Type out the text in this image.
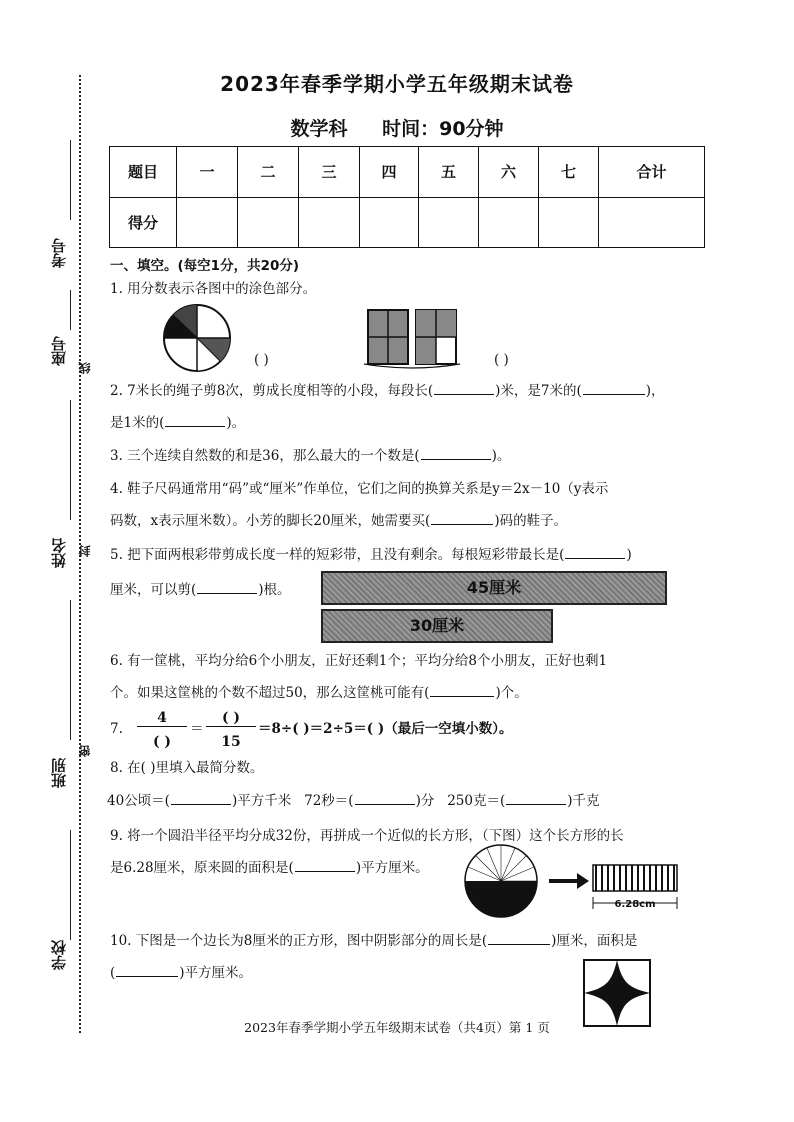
2023年春季学期小学五年级期末试卷
数学科 时间：90分钟
题目	一	二	三	四	五	六	七	合计
得分								
考号
座号
线
姓名 封
班别
密
学校
一、填空。(每空1分，共20分)
1. 用分数表示各图中的涂色部分。
( )	( )
2. 7米长的绳子剪8次，剪成长度相等的小段，每段长(	)米，是7米的(	)，
是1米的(	)。
3. 三个连续自然数的和是36，那么最大的一个数是(	)。
4. 鞋子尺码通常用“码”或“厘米”作单位，它们之间的换算关系是y＝2x－10（y表示
码数，x表示厘米数）。小芳的脚长20厘米，她需要买(	)码的鞋子。
5. 把下面两根彩带剪成长度一样的短彩带，且没有剩余。每根短彩带最长是(	)
厘米，可以剪(	)根。	45厘米
30厘米
6. 有一筐桃，平均分给6个小朋友，正好还剩1个；平均分给8个小朋友，正好也剩1
个。如果这筐桃的个数不超过50，那么这筐桃可能有(	)个。
7.
4
( )
＝
( )
15
＝8÷( )＝2÷5＝( )（最后一空填小数）。
8. 在( )里填入最简分数。
40公顷＝(	)平方千米 72秒＝(	)分 250克＝(	)千克
9. 将一个圆沿半径平均分成32份，再拼成一个近似的长方形，（下图）这个长方形的长
是6.28厘米，原来圆的面积是(	)平方厘米。
6.28cm
10. 下图是一个边长为8厘米的正方形，图中阴影部分的周长是(	)厘米，面积是
(	)平方厘米。
2023年春季学期小学五年级期末试卷（共4页）第 1 页
